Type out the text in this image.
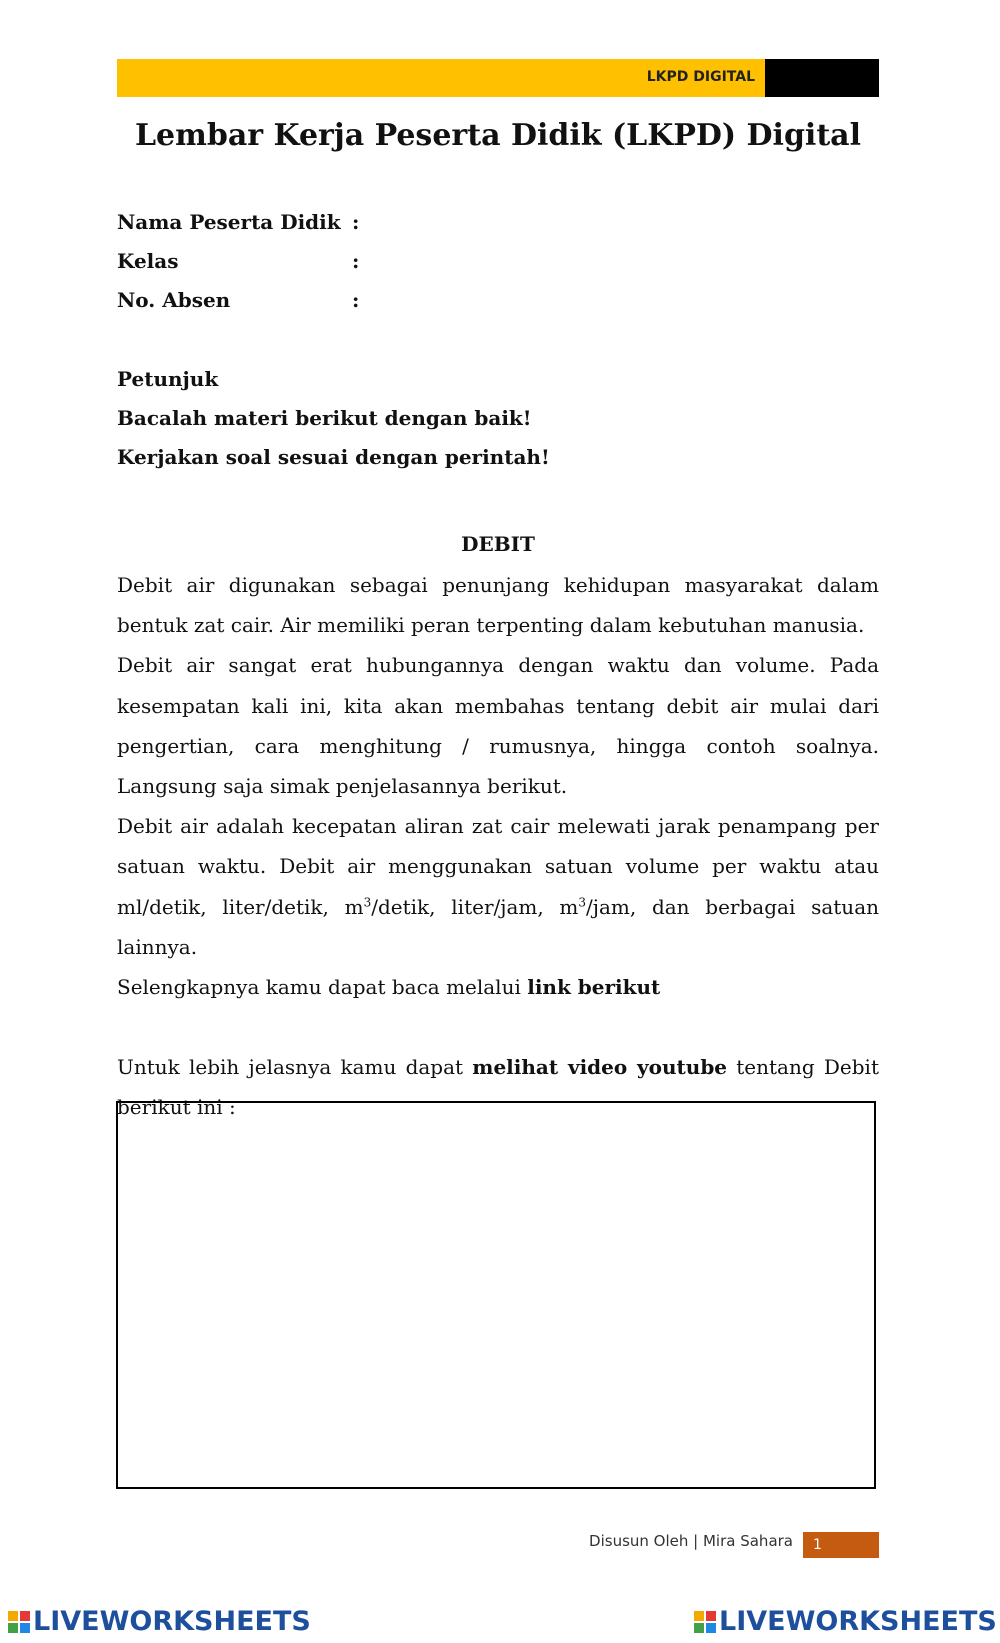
LKPD DIGITAL
Lembar Kerja Peserta Didik (LKPD) Digital
Nama Peserta Didik :
Kelas	:
No. Absen	:
Petunjuk
Bacalah materi berikut dengan baik!
Kerjakan soal sesuai dengan perintah!
DEBIT

Debit air digunakan sebagai penunjang kehidupan masyarakat dalam bentuk zat cair. Air memiliki peran terpenting dalam kebutuhan manusia.

Debit air sangat erat hubungannya dengan waktu dan volume. Pada kesempatan kali ini, kita akan membahas tentang debit air mulai dari pengertian, cara menghitung / rumusnya, hingga contoh soalnya. Langsung saja simak penjelasannya berikut.

Debit air adalah kecepatan aliran zat cair melewati jarak penampang per satuan waktu. Debit air menggunakan satuan volume per waktu atau ml/detik, liter/detik, $m^3$/detik, liter/jam, $m^3$/jam, dan berbagai satuan lainnya.

Selengkapnya kamu dapat baca melalui link berikut

Untuk lebih jelasnya kamu dapat melihat video youtube tentang Debit berikut ini :

Disusun Oleh | Mira Sahara	1
LIVEWORKSHEETS	LIVEWORKSHEETS
